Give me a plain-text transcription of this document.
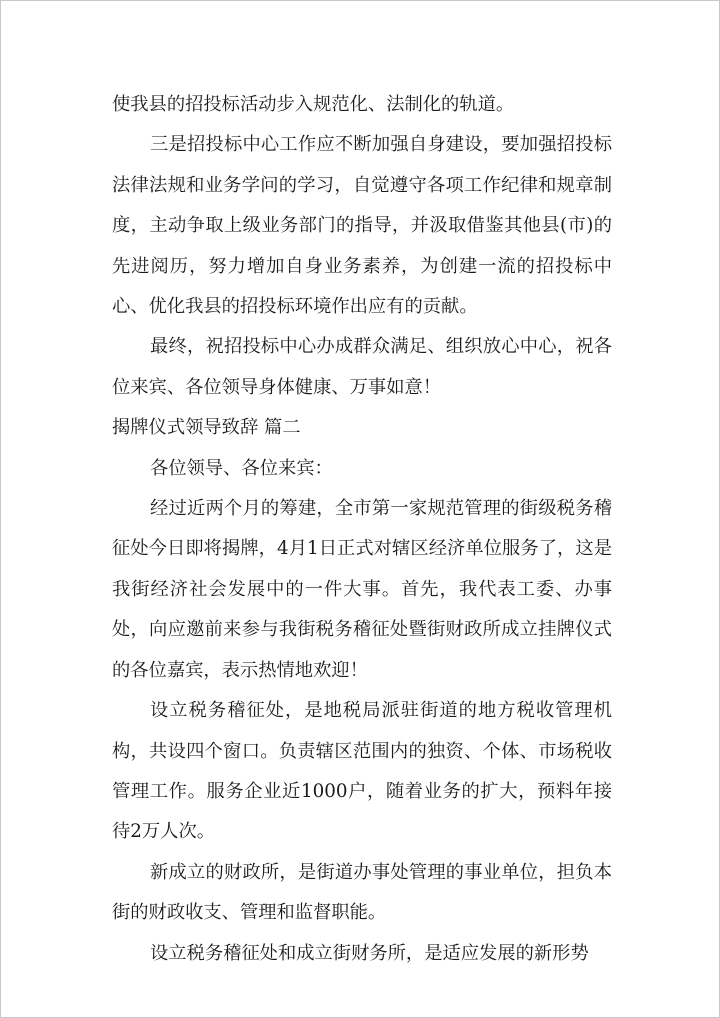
使我县的招投标活动步入规范化、法制化的轨道。

三是招投标中心工作应不断加强自身建设，要加强招投标法律法规和业务学问的学习，自觉遵守各项工作纪律和规章制度，主动争取上级业务部门的指导，并汲取借鉴其他县(市)的先进阅历，努力增加自身业务素养，为创建一流的招投标中心、优化我县的招投标环境作出应有的贡献。

最终，祝招投标中心办成群众满足、组织放心中心，祝各位来宾、各位领导身体健康、万事如意！

揭牌仪式领导致辞 篇二

各位领导、各位来宾：

经过近两个月的筹建，全市第一家规范管理的街级税务稽征处今日即将揭牌，4月1日正式对辖区经济单位服务了，这是我街经济社会发展中的一件大事。首先，我代表工委、办事处，向应邀前来参与我街税务稽征处暨街财政所成立挂牌仪式的各位嘉宾，表示热情地欢迎！

设立税务稽征处，是地税局派驻街道的地方税收管理机构，共设四个窗口。负责辖区范围内的独资、个体、市场税收管理工作。服务企业近1000户，随着业务的扩大，预料年接待2万人次。

新成立的财政所，是街道办事处管理的事业单位，担负本街的财政收支、管理和监督职能。

设立税务稽征处和成立街财务所，是适应发展的新形势
